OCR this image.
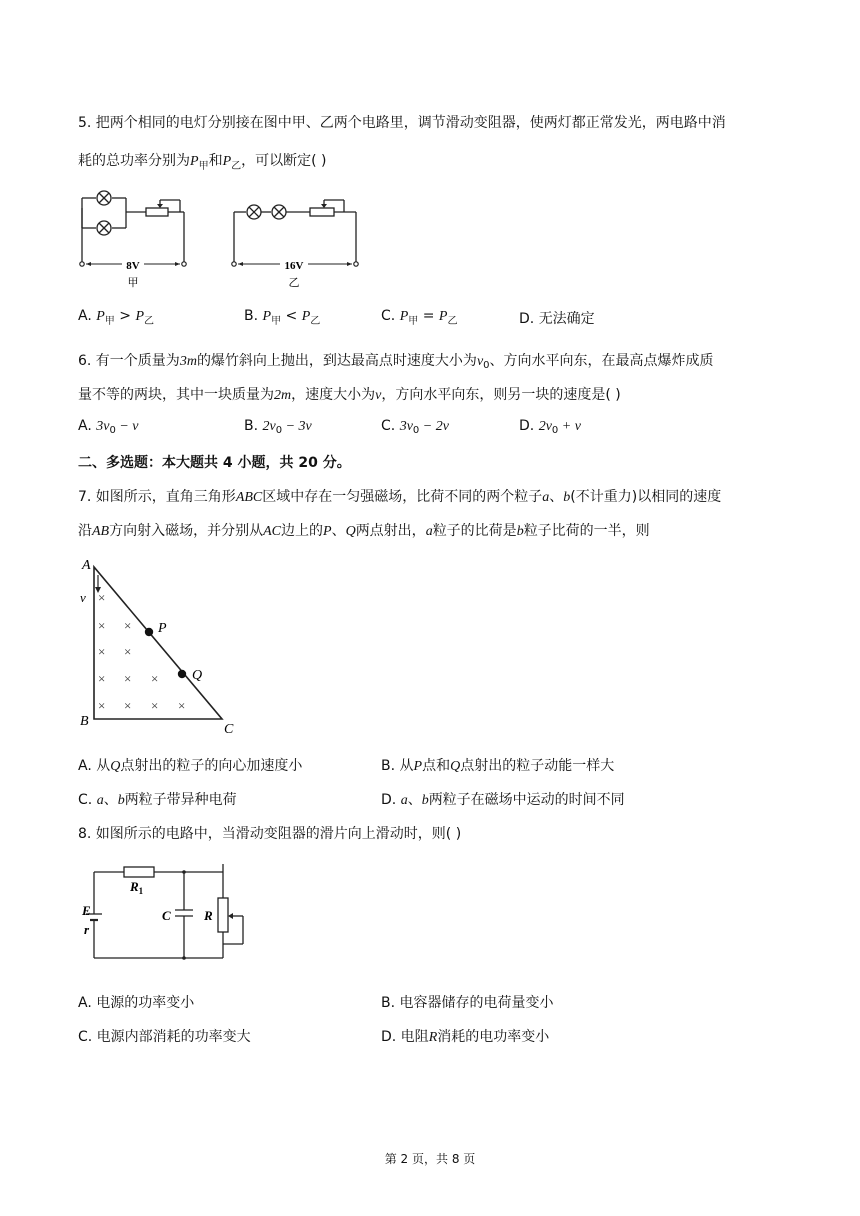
5. 把两个相同的电灯分别接在图中甲、乙两个电路里，调节滑动变阻器，使两灯都正常发光，两电路中消
耗的总功率分别为$P_甲$和$P_乙$，可以断定( )
8V
甲
16V
乙
A. $P_甲 > P_乙$	B. $P_甲 < P_乙$	C. $P_甲 = P_乙$	D. 无法确定
6. 有一个质量为3m的爆竹斜向上抛出，到达最高点时速度大小为$v_0$、方向水平向东，在最高点爆炸成质
量不等的两块，其中一块质量为2m，速度大小为v，方向水平向东，则另一块的速度是( )
A. $3v_0 - v$	B. $2v_0 - 3v$	C. $3v_0 - 2v$	D. $2v_0 + v$
二、多选题：本大题共 4 小题，共 20 分。
7. 如图所示，直角三角形ABC区域中存在一匀强磁场，比荷不同的两个粒子a、b(不计重力)以相同的速度
沿AB方向射入磁场，并分别从AC边上的P、Q两点射出，a粒子的比荷是b粒子比荷的一半，则
A
B
C
v ×
× ×
× ×
× × ×
× × × ×
P
Q
A. 从Q点射出的粒子的向心加速度小	B. 从P点和Q点射出的粒子动能一样大
C. a、b两粒子带异种电荷	D. a、b两粒子在磁场中运动的时间不同
8. 如图所示的电路中，当滑动变阻器的滑片向上滑动时，则( )
$R_1$
E
r
C	R
A. 电源的功率变小	B. 电容器储存的电荷量变小
C. 电源内部消耗的功率变大	D. 电阻R消耗的电功率变小
第 2 页，共 8 页
